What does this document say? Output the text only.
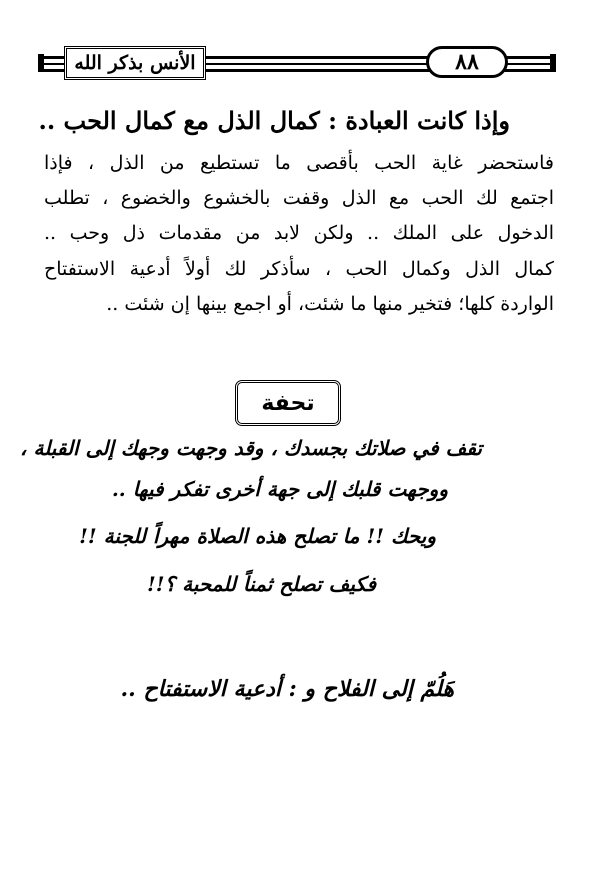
الأنس بذكر الله	٨٨
وإذا كانت العبادة : كمال الذل مع كمال الحب ..

فاستحضر غاية الحب بأقصى ما تستطيع من الذل ، فإذا

اجتمع لك الحب مع الذل وقفت بالخشوع والخضوع ، تطلب

الدخول على الملك .. ولكن لابد من مقدمات ذل وحب ..

كمال الذل وكمال الحب ، سأذكر لك أولاً أدعية الاستفتاح

الواردة كلها؛ فتخير منها ما شئت، أو اجمع بينها إن شئت ..

تحفة
تقف في صلاتك بجسدك ، وقد وجهت وجهك إلى القبلة ،
ووجهت قلبك إلى جهة أخرى تفكر فيها ..
ويحك !! ما تصلح هذه الصلاة مهراً للجنة !!
فكيف تصلح ثمناً للمحبة ؟!!
هَلُمّ إلى الفلاح و : أدعية الاستفتاح ..
